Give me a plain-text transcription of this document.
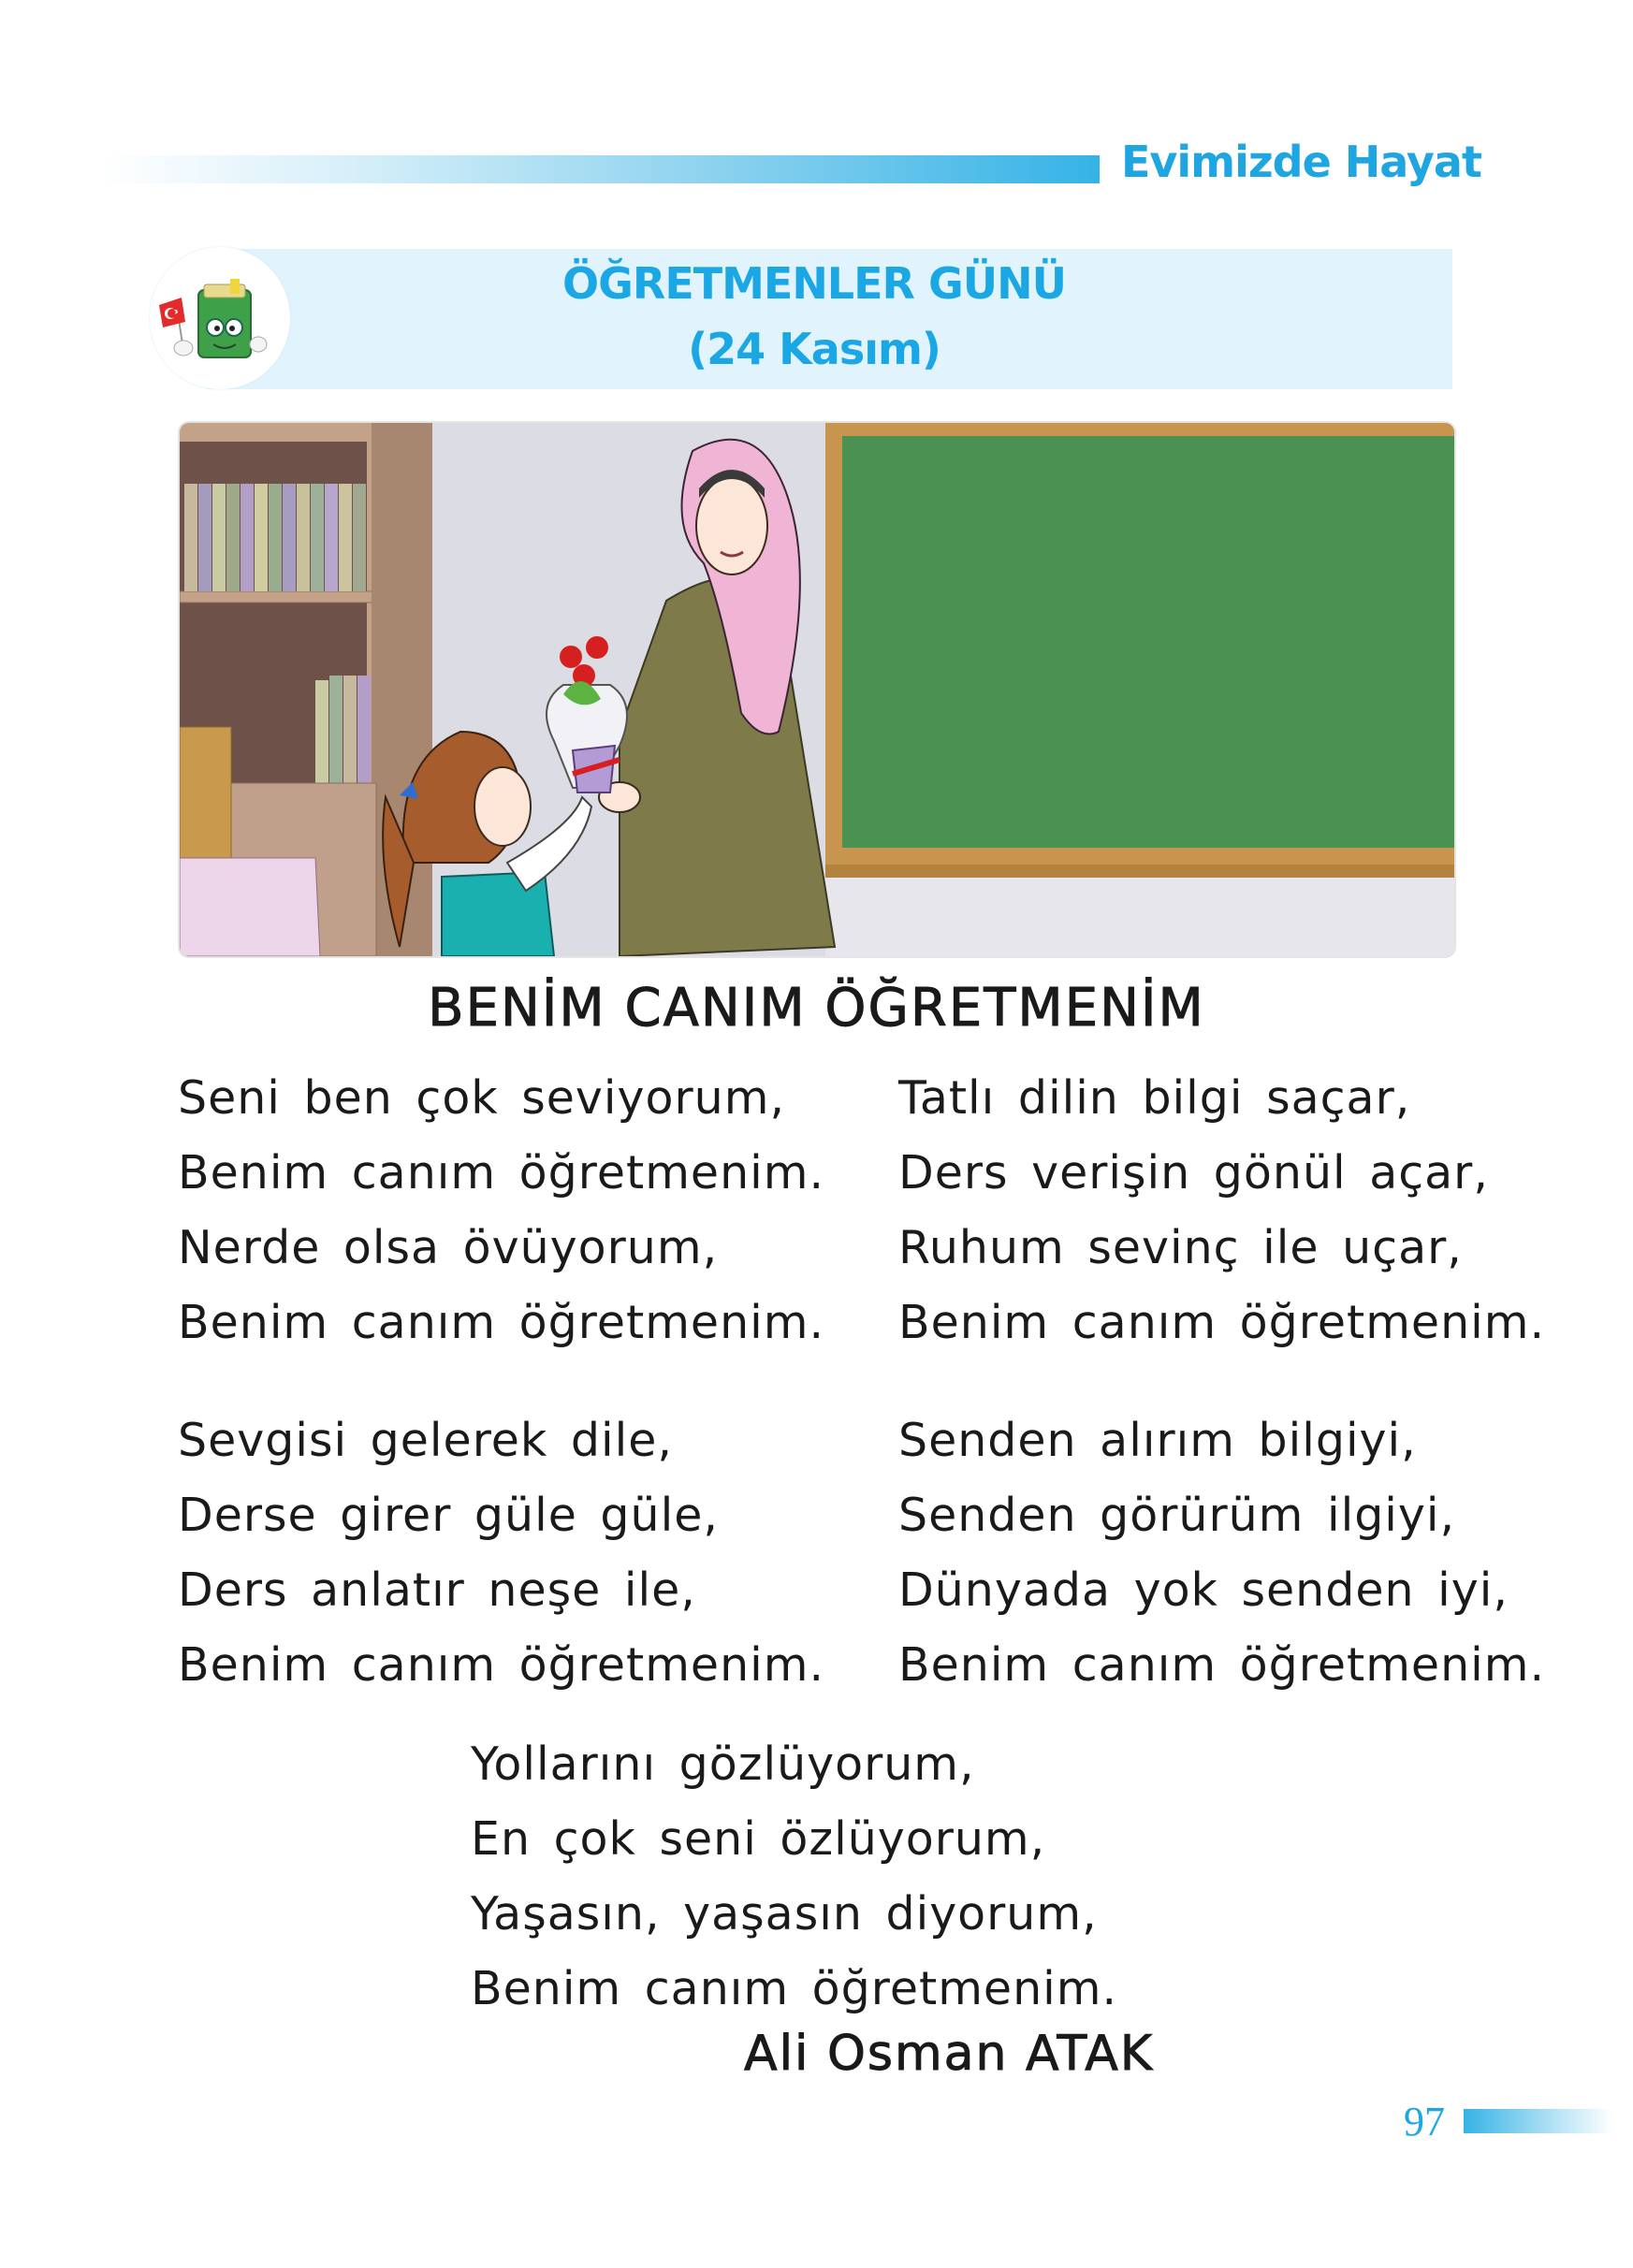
Evimizde Hayat
ÖĞRETMENLER GÜNÜ
(24 Kasım)
BENİM CANIM ÖĞRETMENİM
Seni ben çok seviyorum,
Benim canım öğretmenim.
Nerde olsa övüyorum,
Benim canım öğretmenim.
Tatlı dilin bilgi saçar,
Ders verişin gönül açar,
Ruhum sevinç ile uçar,
Benim canım öğretmenim.
Sevgisi gelerek dile,
Derse girer güle güle,
Ders anlatır neşe ile,
Benim canım öğretmenim.
Senden alırım bilgiyi,
Senden görürüm ilgiyi,
Dünyada yok senden iyi,
Benim canım öğretmenim.
Yollarını gözlüyorum,
En çok seni özlüyorum,
Yaşasın, yaşasın diyorum,
Benim canım öğretmenim.
Ali Osman ATAK
97
